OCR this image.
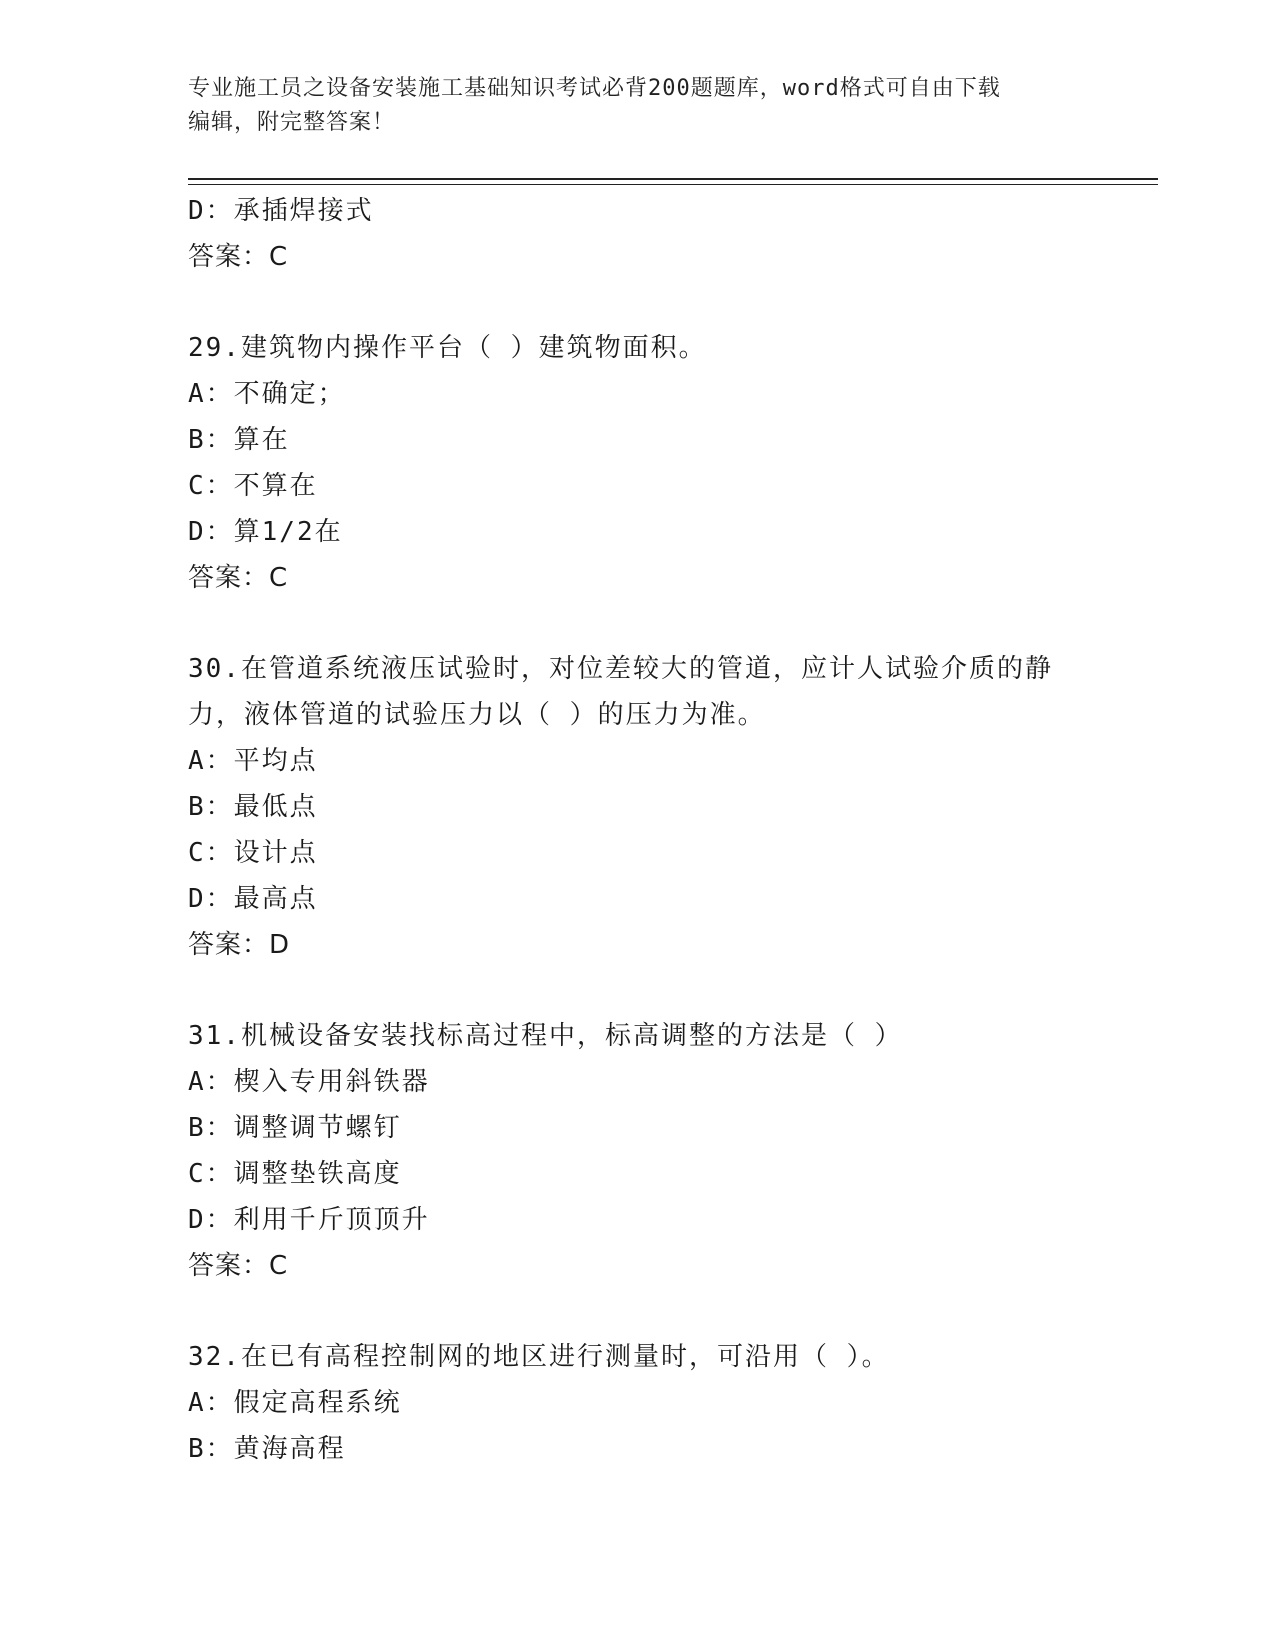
专业施工员之设备安装施工基础知识考试必背200题题库，word格式可自由下载
编辑，附完整答案！
D：承插焊接式
答案：C
29.建筑物内操作平台（ ）建筑物面积。
A：不确定；
B：算在
C：不算在
D：算1/2在
答案：C
30.在管道系统液压试验时，对位差较大的管道，应计人试验介质的静
力，液体管道的试验压力以（ ）的压力为准。
A：平均点
B：最低点
C：设计点
D：最高点
答案：D
31.机械设备安装找标高过程中，标高调整的方法是（ ）
A：楔入专用斜铁器
B：调整调节螺钉
C：调整垫铁高度
D：利用千斤顶顶升
答案：C
32.在已有高程控制网的地区进行测量时，可沿用（ ）。
A：假定高程系统
B：黄海高程
